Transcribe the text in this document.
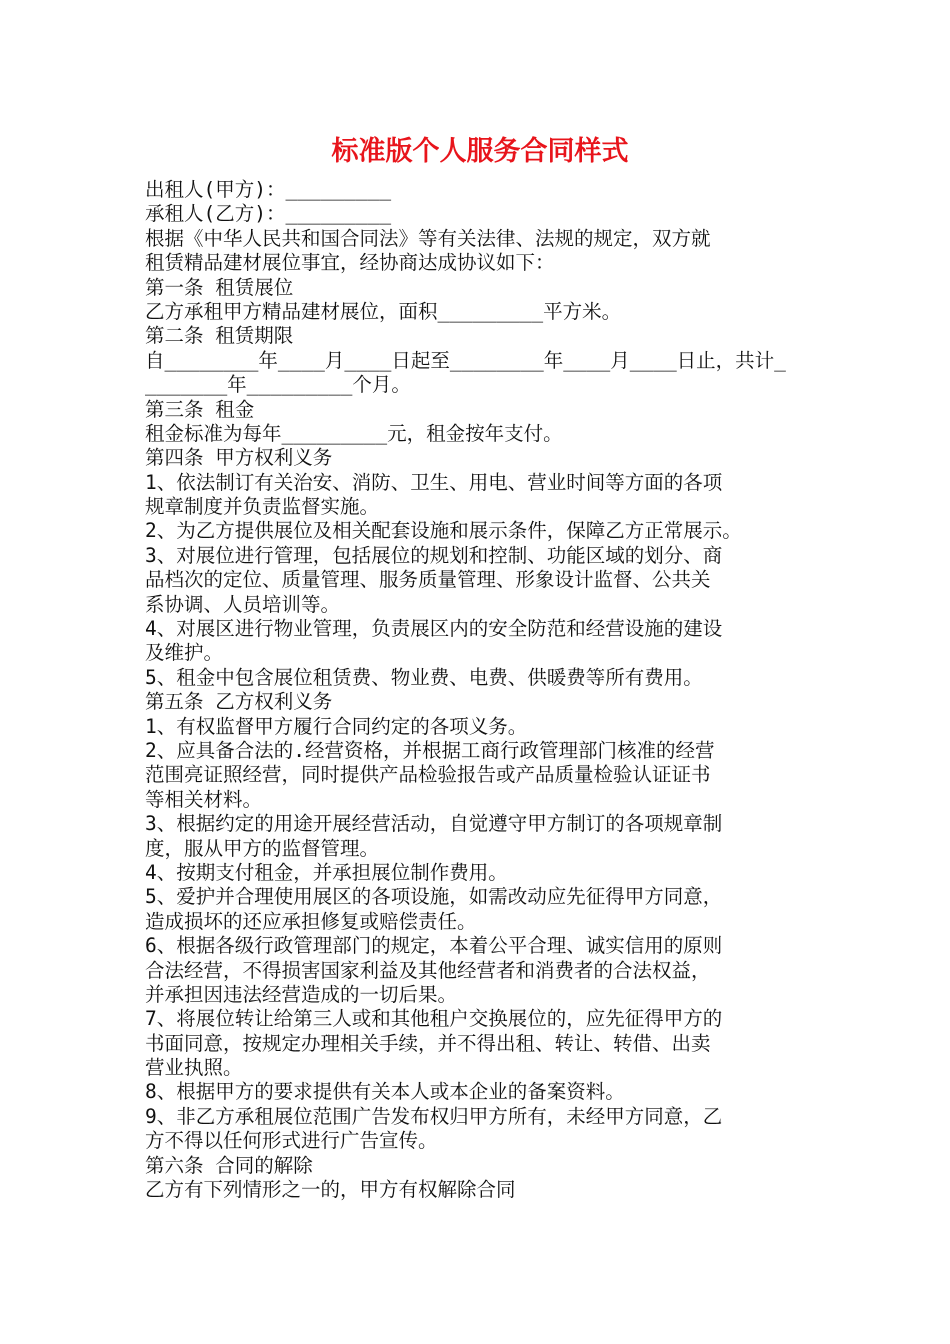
标准版个人服务合同样式
出租人(甲方)：_________
承租人(乙方)：_________
根据《中华人民共和国合同法》等有关法律、法规的规定，双方就
租赁精品建材展位事宜，经协商达成协议如下：
第一条 租赁展位
乙方承租甲方精品建材展位，面积_________平方米。
第二条 租赁期限
自________年____月____日起至________年____月____日止，共计_
_______年_________个月。
第三条 租金
租金标准为每年_________元，租金按年支付。
第四条 甲方权利义务
1、依法制订有关治安、消防、卫生、用电、营业时间等方面的各项
规章制度并负责监督实施。
2、为乙方提供展位及相关配套设施和展示条件，保障乙方正常展示。
3、对展位进行管理，包括展位的规划和控制、功能区域的划分、商
品档次的定位、质量管理、服务质量管理、形象设计监督、公共关
系协调、人员培训等。
4、对展区进行物业管理，负责展区内的安全防范和经营设施的建设
及维护。
5、租金中包含展位租赁费、物业费、电费、供暖费等所有费用。
第五条 乙方权利义务
1、有权监督甲方履行合同约定的各项义务。
2、应具备合法的.经营资格，并根据工商行政管理部门核准的经营
范围亮证照经营，同时提供产品检验报告或产品质量检验认证证书
等相关材料。
3、根据约定的用途开展经营活动，自觉遵守甲方制订的各项规章制
度，服从甲方的监督管理。
4、按期支付租金，并承担展位制作费用。
5、爱护并合理使用展区的各项设施，如需改动应先征得甲方同意，
造成损坏的还应承担修复或赔偿责任。
6、根据各级行政管理部门的规定，本着公平合理、诚实信用的原则
合法经营，不得损害国家利益及其他经营者和消费者的合法权益，
并承担因违法经营造成的一切后果。
7、将展位转让给第三人或和其他租户交换展位的，应先征得甲方的
书面同意，按规定办理相关手续，并不得出租、转让、转借、出卖
营业执照。
8、根据甲方的要求提供有关本人或本企业的备案资料。
9、非乙方承租展位范围广告发布权归甲方所有，未经甲方同意，乙
方不得以任何形式进行广告宣传。
第六条 合同的解除
乙方有下列情形之一的，甲方有权解除合同
